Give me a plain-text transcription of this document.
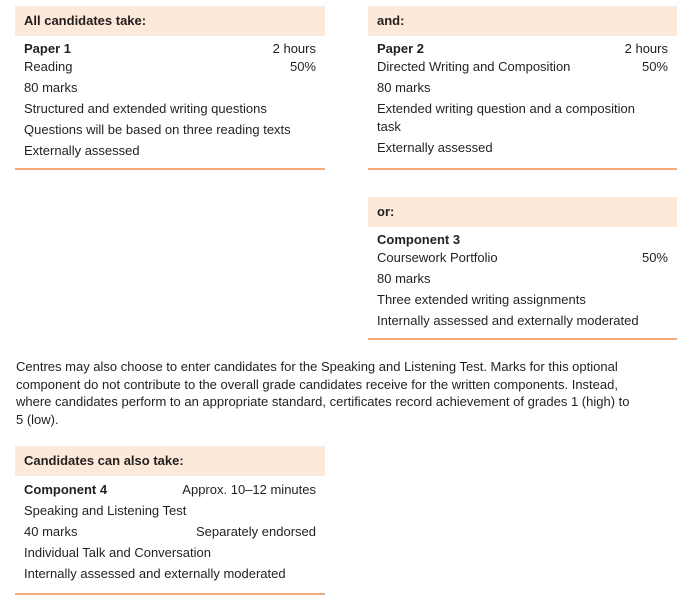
All candidates take:
Paper 1	2 hours
Reading	50%
80 marks
Structured and extended writing questions
Questions will be based on three reading texts
Externally assessed
and:
Paper 2	2 hours
Directed Writing and Composition	50%
80 marks
Extended writing question and a composition
task
Externally assessed
or:
Component 3
Coursework Portfolio	50%
80 marks
Three extended writing assignments
Internally assessed and externally moderated
Centres may also choose to enter candidates for the Speaking and Listening Test. Marks for this optional
component do not contribute to the overall grade candidates receive for the written components. Instead,
where candidates perform to an appropriate standard, certificates record achievement of grades 1 (high) to
5 (low).
Candidates can also take:
Component 4	Approx. 10–12 minutes
Speaking and Listening Test
40 marks	Separately endorsed
Individual Talk and Conversation
Internally assessed and externally moderated
